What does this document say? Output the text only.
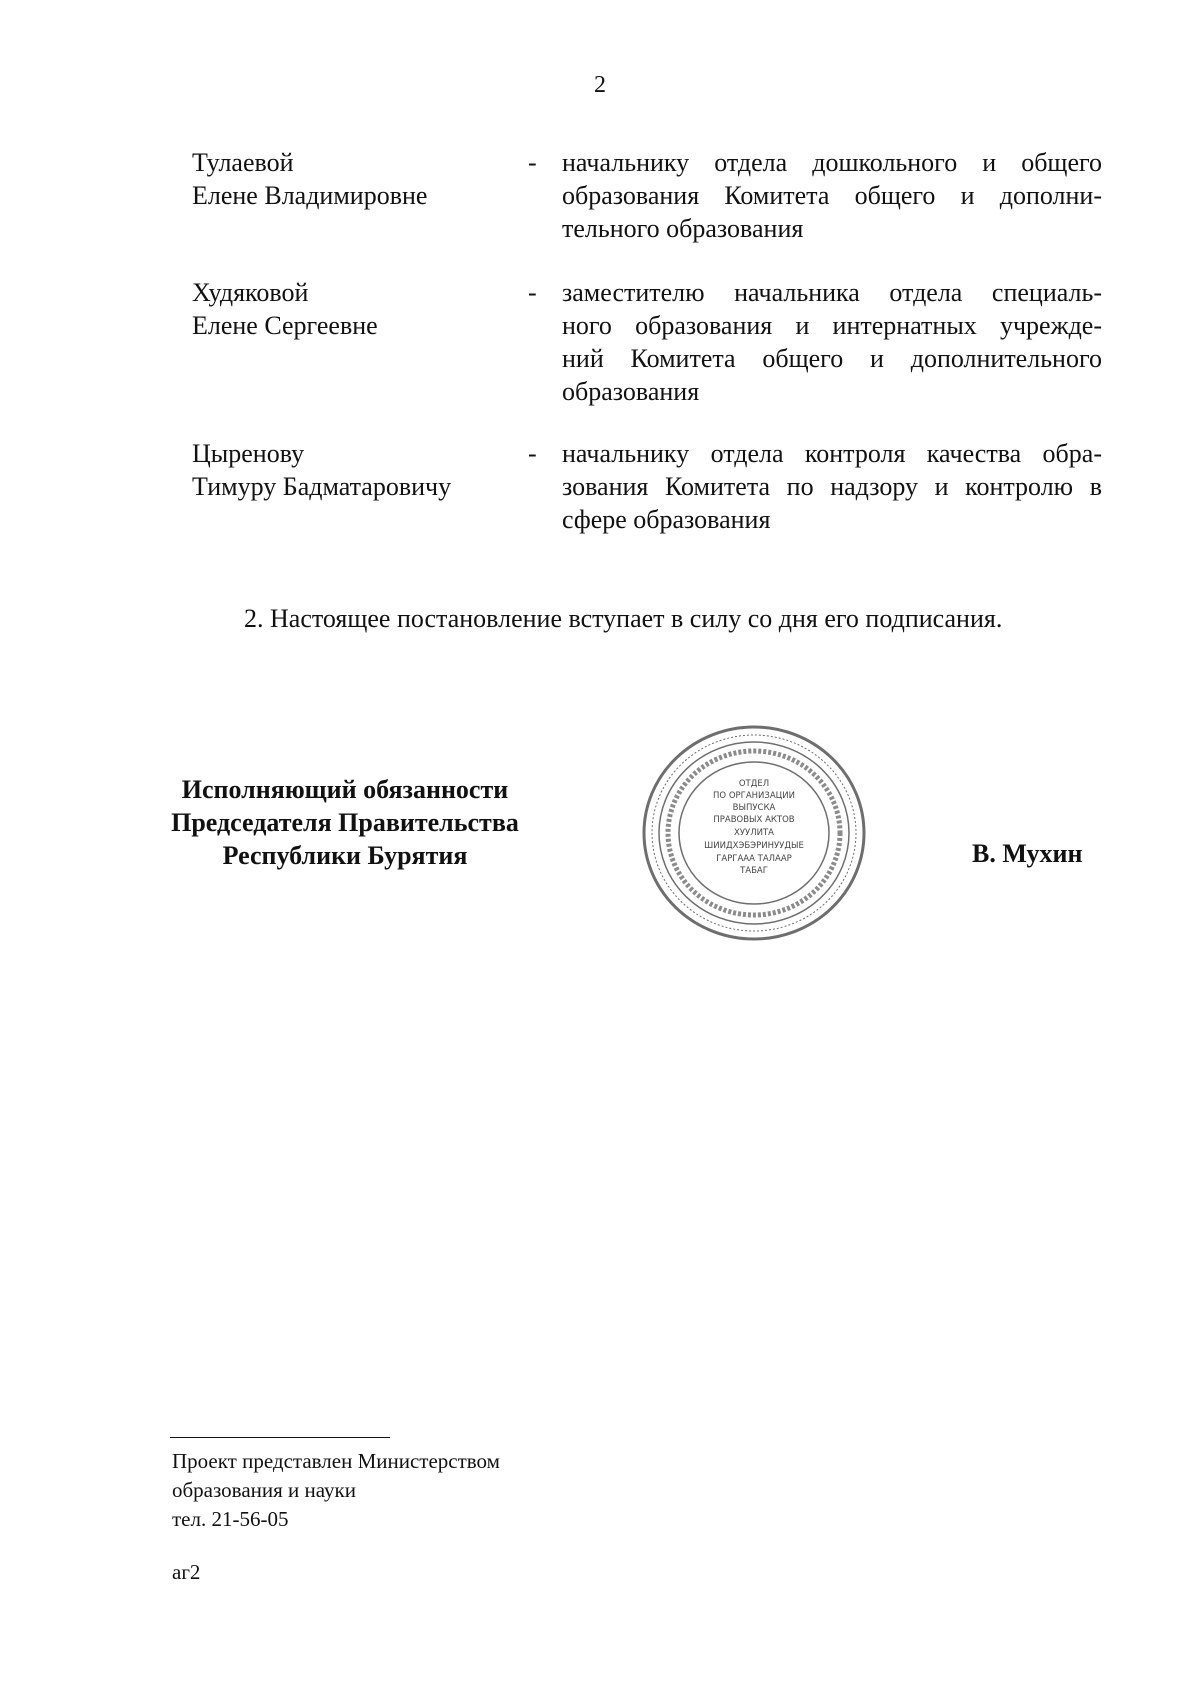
2
Тулаевой
Елене Владимировне
- начальнику отдела дошкольного и общего
образования Комитета общего и дополни-
тельного образования
Худяковой
Елене Сергеевне
- заместителю начальника отдела специаль-
ного образования и интернатных учрежде-
ний Комитета общего и дополнительного
образования
Цыренову
Тимуру Бадматаровичу
- начальнику отдела контроля качества обра-
зования Комитета по надзору и контролю в
сфере образования
2. Настоящее постановление вступает в силу со дня его подписания.
Исполняющий обязанности
Председателя Правительства
Республики Бурятия
ОТДЕЛ
ПО ОРГАНИЗАЦИИ
ВЫПУСКА
ПРАВОВЫХ АКТОВ
ХУУЛИТА
ШИИДХЭБЭРИНУУДЫЕ
ГАРГААА ТАЛААР
ТАБАГ
В. Мухин
Проект представлен Министерством
образования и науки
тел. 21-56-05
аг2
